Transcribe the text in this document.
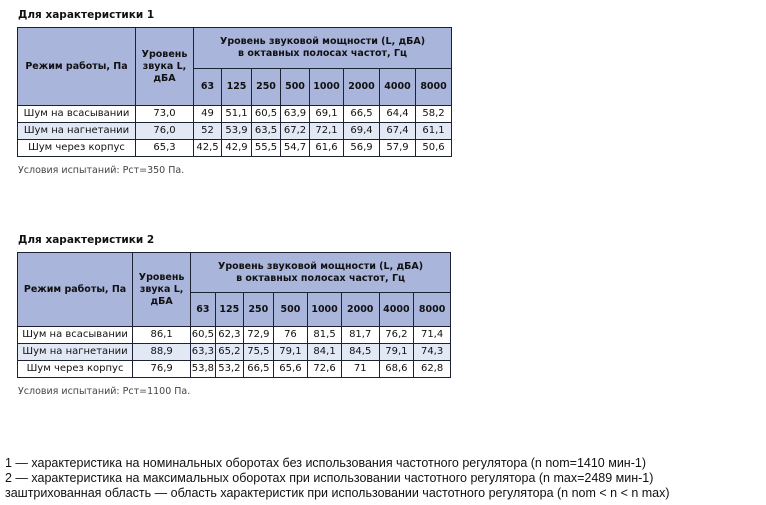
Для характеристики 1
Режим работы, Па	Уровень звука L, дБА	Уровень звуковой мощности (L, дБА)
в октавных полосах частот, Гц							

		63	125	250	500	1000	2000	4000	8000
Шум на всасывании	73,0	49	51,1	60,5	63,9	69,1	66,5	64,4	58,2
Шум на нагнетании	76,0	52	53,9	63,5	67,2	72,1	69,4	67,4	61,1
Шум через корпус	65,3	42,5	42,9	55,5	54,7	61,6	56,9	57,9	50,6
Условия испытаний: Рст=350 Па.
Для характеристики 2
Режим работы, Па	Уровень звука L, дБА	Уровень звуковой мощности (L, дБА)
в октавных полосах частот, Гц							

		63	125	250	500	1000	2000	4000	8000
Шум на всасывании	86,1	60,5	62,3	72,9	76	81,5	81,7	76,2	71,4
Шум на нагнетании	88,9	63,3	65,2	75,5	79,1	84,1	84,5	79,1	74,3
Шум через корпус	76,9	53,8	53,2	66,5	65,6	72,6	71	68,6	62,8
Условия испытаний: Рст=1100 Па.
1 — характеристика на номинальных оборотах без использования частотного регулятора (n nom=1410 мин-1)
2 — характеристика на максимальных оборотах при использовании частотного регулятора (n max=2489 мин-1)
заштрихованная область — область характеристик при использовании частотного регулятора (n nom < n < n max)
